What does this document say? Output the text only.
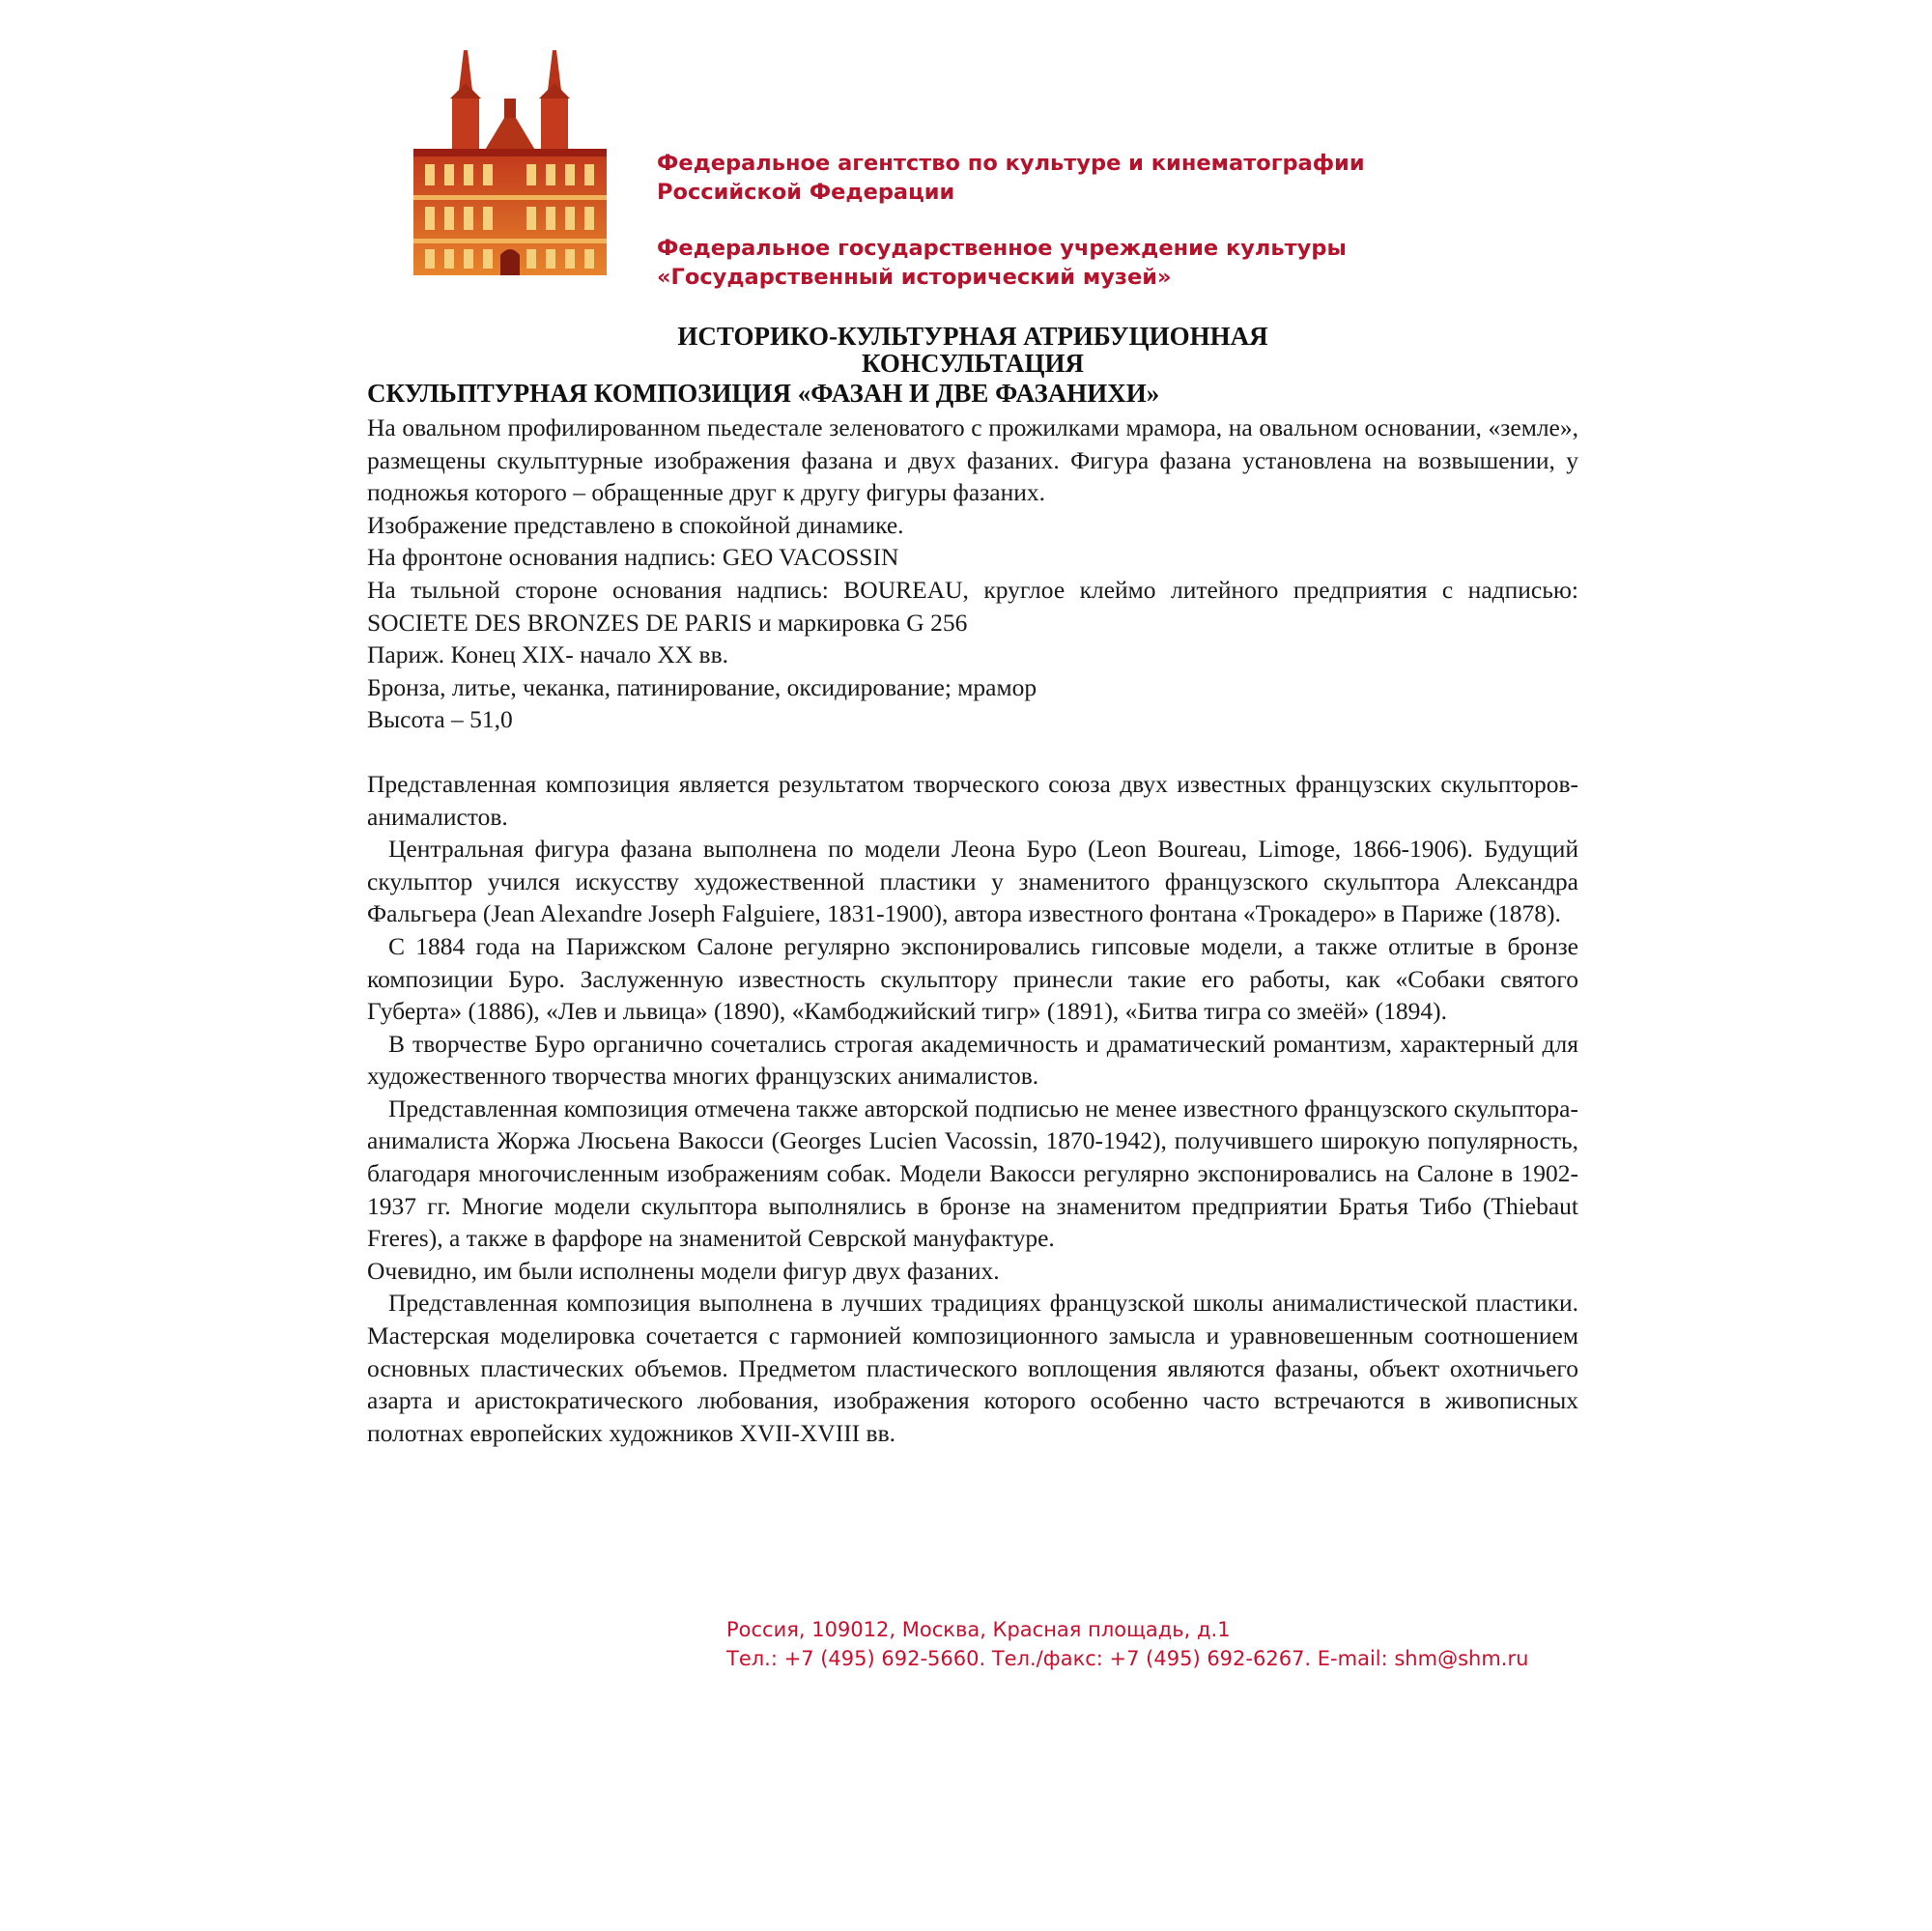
Федеральное агентство по культуре и кинематографии
Российской Федерации

Федеральное государственное учреждение культуры
«Государственный исторический музей»

ИСТОРИКО-КУЛЬТУРНАЯ АТРИБУЦИОННАЯ

КОНСУЛЬТАЦИЯ

СКУЛЬПТУРНАЯ КОМПОЗИЦИЯ «ФАЗАН И ДВЕ ФАЗАНИХИ»

На овальном профилированном пьедестале зеленоватого с прожилками мрамора, на овальном основании, «земле», размещены скульптурные изображения фазана и двух фазаних. Фигура фазана установлена на возвышении, у подножья которого – обращенные друг к другу фигуры фазаних.

Изображение представлено в спокойной динамике.

На фронтоне основания надпись: GEO VACOSSIN

На тыльной стороне основания надпись: BOUREAU, круглое клеймо литейного предприятия с надписью: SOCIETE DES BRONZES DE PARIS и маркировка G 256

Париж. Конец XIX- начало XX вв.

Бронза, литье, чеканка, патинирование, оксидирование; мрамор

Высота – 51,0

Представленная композиция является результатом творческого союза двух известных французских скульпторов-анималистов.

Центральная фигура фазана выполнена по модели Леона Буро (Leon Boureau, Limoge, 1866-1906). Будущий скульптор учился искусству художественной пластики у знаменитого французского скульптора Александра Фальгьера (Jean Alexandre Joseph Falguiere, 1831-1900), автора известного фонтана «Трокадеро» в Париже (1878).

С 1884 года на Парижском Салоне регулярно экспонировались гипсовые модели, а также отлитые в бронзе композиции Буро. Заслуженную известность скульптору принесли такие его работы, как «Собаки святого Губерта» (1886), «Лев и львица» (1890), «Камбоджийский тигр» (1891), «Битва тигра со змеёй» (1894).

В творчестве Буро органично сочетались строгая академичность и драматический романтизм, характерный для художественного творчества многих французских анималистов.

Представленная композиция отмечена также авторской подписью не менее известного французского скульптора-анималиста Жоржа Люсьена Вакосси (Georges Lucien Vacossin, 1870-1942), получившего широкую популярность, благодаря многочисленным изображениям собак. Модели Вакосси регулярно экспонировались на Салоне в 1902-1937 гг. Многие модели скульптора выполнялись в бронзе на знаменитом предприятии Братья Тибо (Thiebaut Freres), а также в фарфоре на знаменитой Севрской мануфактуре.

Очевидно, им были исполнены модели фигур двух фазаних.

Представленная композиция выполнена в лучших традициях французской школы анималистической пластики. Мастерская моделировка сочетается с гармонией композиционного замысла и уравновешенным соотношением основных пластических объемов. Предметом пластического воплощения являются фазаны, объект охотничьего азарта и аристократического любования, изображения которого особенно часто встречаются в живописных полотнах европейских художников XVII-XVIII вв.

Россия, 109012, Москва, Красная площадь, д.1

Тел.: +7 (495) 692-5660. Тел./факс: +7 (495) 692-6267. E-mail: shm@shm.ru
